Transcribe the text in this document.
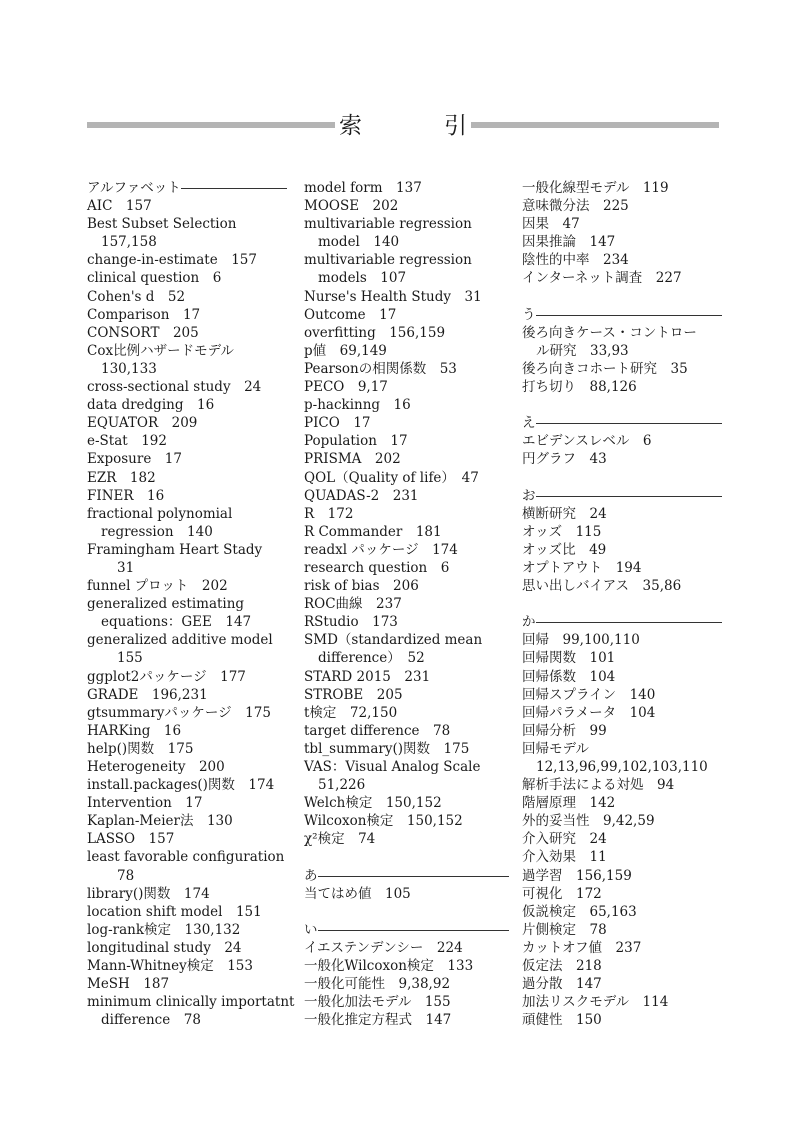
索	引
アルファベット
AIC　157
Best Subset Selection
157,158
change-in-estimate　157
clinical question　6
Cohen's d　52
Comparison　17
CONSORT　205
Cox比例ハザードモデル
130,133
cross-sectional study　24
data dredging　16
EQUATOR　209
e-Stat　192
Exposure　17
EZR　182
FINER　16
fractional polynomial
regression　140
Framingham Heart Stady
31
funnel プロット　202
generalized estimating
equations：GEE　147
generalized additive model
155
ggplot2パッケージ　177
GRADE　196,231
gtsummaryパッケージ　175
HARKing　16
help()関数　175
Heterogeneity　200
install.packages()関数　174
Intervention　17
Kaplan-Meier法　130
LASSO　157
least favorable configuration
78
library()関数　174
location shift model　151
log-rank検定　130,132
longitudinal study　24
Mann-Whitney検定　153
MeSH　187
minimum clinically importatnt
difference　78
model form　137
MOOSE　202
multivariable regression
model　140
multivariable regression
models　107
Nurse's Health Study　31
Outcome　17
overfitting　156,159
p値　69,149
Pearsonの相関係数　53
PECO　9,17
p-hackinng　16
PICO　17
Population　17
PRISMA　202
QOL（Quality of life）　47
QUADAS-2　231
R　172
R Commander　181
readxl パッケージ　174
research question　6
risk of bias　206
ROC曲線　237
RStudio　173
SMD（standardized mean
difference）　52
STARD 2015　231
STROBE　205
t検定　72,150
target difference　78
tbl_summary()関数　175
VAS：Visual Analog Scale
51,226
Welch検定　150,152
Wilcoxon検定　150,152
χ²検定　74
あ
当てはめ値　105
い
イエステンデンシー　224
一般化Wilcoxon検定　133
一般化可能性　9,38,92
一般化加法モデル　155
一般化推定方程式　147
一般化線型モデル　119
意味微分法　225
因果　47
因果推論　147
陰性的中率　234
インターネット調査　227
う
後ろ向きケース・コントロー
ル研究　33,93
後ろ向きコホート研究　35
打ち切り　88,126
え
エビデンスレベル　6
円グラフ　43
お
横断研究　24
オッズ　115
オッズ比　49
オプトアウト　194
思い出しバイアス　35,86
か
回帰　99,100,110
回帰関数　101
回帰係数　104
回帰スプライン　140
回帰パラメータ　104
回帰分析　99
回帰モデル
12,13,96,99,102,103,110
解析手法による対処　94
階層原理　142
外的妥当性　9,42,59
介入研究　24
介入効果　11
過学習　156,159
可視化　172
仮説検定　65,163
片側検定　78
カットオフ値　237
仮定法　218
過分散　147
加法リスクモデル　114
頑健性　150
